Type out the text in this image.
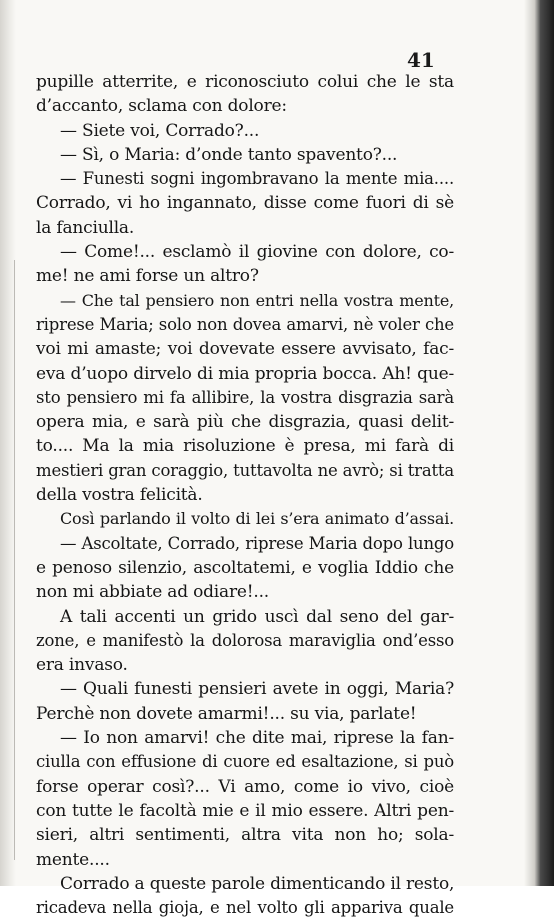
41
pupille atterrite, e riconosciuto colui che le sta
d’accanto, sclama con dolore:
— Siete voi, Corrado?...
— Sì, o Maria: d’onde tanto spavento?...
— Funesti sogni ingombravano la mente mia....
Corrado, vi ho ingannato, disse come fuori di sè
la fanciulla.
— Come!... esclamò il giovine con dolore, co-
me! ne ami forse un altro?
— Che tal pensiero non entri nella vostra mente,
riprese Maria; solo non dovea amarvi, nè voler che
voi mi amaste; voi dovevate essere avvisato, fac-
eva d’uopo dirvelo di mia propria bocca. Ah! que-
sto pensiero mi fa allibire, la vostra disgrazia sarà
opera mia, e sarà più che disgrazia, quasi delit-
to.... Ma la mia risoluzione è presa, mi farà di
mestieri gran coraggio, tuttavolta ne avrò; si tratta
della vostra felicità.
Così parlando il volto di lei s’era animato d’assai.
— Ascoltate, Corrado, riprese Maria dopo lungo
e penoso silenzio, ascoltatemi, e voglia Iddio che
non mi abbiate ad odiare!...
A tali accenti un grido uscì dal seno del gar-
zone, e manifestò la dolorosa maraviglia ond’esso
era invaso.
— Quali funesti pensieri avete in oggi, Maria?
Perchè non dovete amarmi!... su via, parlate!
— Io non amarvi! che dite mai, riprese la fan-
ciulla con effusione di cuore ed esaltazione, si può
forse operar così?... Vi amo, come io vivo, cioè
con tutte le facoltà mie e il mio essere. Altri pen-
sieri, altri sentimenti, altra vita non ho; sola-
mente....
Corrado a queste parole dimenticando il resto,
ricadeva nella gioja, e nel volto gli appariva quale
